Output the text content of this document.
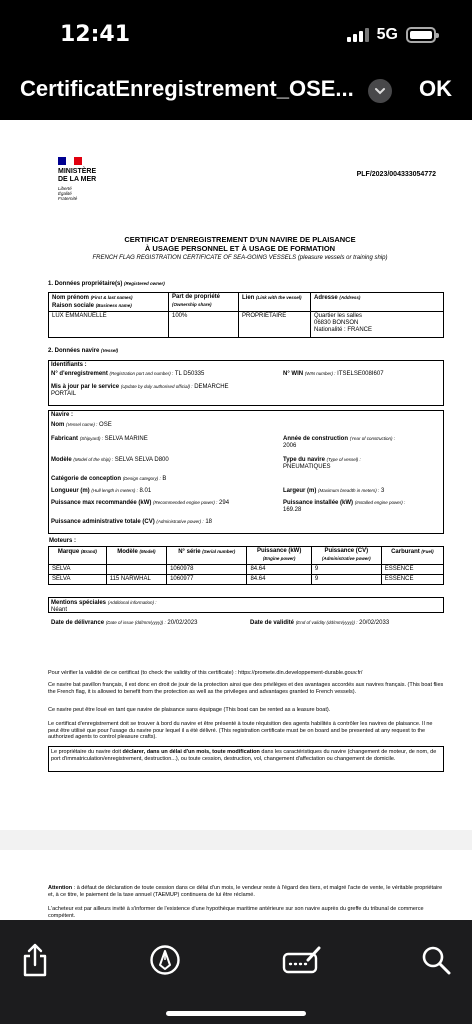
12:41	5G
CertificatEnregistrement_OSE...	OK
MINISTÈRE
DE LA MER
Liberté
Égalité
Fraternité
PLF/2023/004333054772
CERTIFICAT D'ENREGISTREMENT D'UN NAVIRE DE PLAISANCE
À USAGE PERSONNEL ET À USAGE DE FORMATION
FRENCH FLAG REGISTRATION CERTIFICATE OF SEA-GOING VESSELS (pleasure vessels or training ship)
1. Données propriétaire(s) (Registered owner)
Nom prénom (First & last names)
Raison sociale (Business name)	Part de propriété
(Ownership share)	Lien (Link with the vessel)	Adresse (Address)
LUX EMMANUELLE	100%	PROPRIÉTAIRE	Quartier les salles
06830 BONSON
Nationalité : FRANCE
2. Données navire (Vessel)
Identifiants :
N° d'enregistrement (Registration port and number) : TL D50335	N° WIN (WIN number) : ITSELSE008I607
Mis à jour par le service (Update by duly authorised official) : DEMARCHE
PORTAIL
Navire :
Nom (Vessel name) : OSE
Fabricant (Shipyard) : SELVA MARINE	Année de construction (Year of construction) :
2006
Modèle (Model of the ship) : SELVA SELVA D800	Type du navire (Type of vessel) :
PNEUMATIQUES
Catégorie de conception (Design category) : B
Longueur (m) (Hull length in meters) : 8.01	Largeur (m) (Maximum breadth in meters) : 3
Puissance max recommandée (kW) (Recommended engine power) : 294	Puissance installée (kW) (Installed engine power) :
169.28
Puissance administrative totale (CV) (Administrative power) : 18
Moteurs :
Marque (Brand)	Modèle (Model)	N° série (Serial number)	Puissance (kW)
(Engine power)	Puissance (CV)
(Administrative power)	Carburant (Fuel)
SELVA		1060978	84.64	9	ESSENCE
SELVA	115 NARWHAL	1060977	84.64	9	ESSENCE
Mentions spéciales (Additional information) :
Néant
Date de délivrance (Date of issue (dd/mm/yyyy)) : 20/02/2023	Date de validité (End of validity (dd/mm/yyyy)) : 20/02/2033
Pour vérifier la validité de ce certificat (to check the validity of this certificate) : https://promete.din.developpement-durable.gouv.fr/
Ce navire bat pavillon français, il est donc en droit de jouir de la protection ainsi que des privilèges et des avantages accordés aux navires français. (This boat flies the French flag, it is allowed to benefit from the protection as well as the privileges and advantages granted to French vessels).
Ce navire peut être loué en tant que navire de plaisance sans équipage (This boat can be rented as a leasure boat).
Le certificat d'enregistrement doit se trouver à bord du navire et être présenté à toute réquisition des agents habilités à contrôler les navires de plaisance. Il ne peut être utilisé que pour l'usage du navire pour lequel il a été délivré. (This registration certificate must be on board and be presented at any request to the authorized agents to control pleasure crafts).
Le propriétaire du navire doit déclarer, dans un délai d'un mois, toute modification dans les caractéristiques du navire (changement de moteur, de nom, de port d'immatriculation/enregistrement, destruction...), ou toute cession, destruction, vol, changement d'affectation ou changement de domicile.
Attention : à défaut de déclaration de toute cession dans ce délai d'un mois, le vendeur reste à l'égard des tiers, et malgré l'acte de vente, le véritable propriétaire et, à ce titre, le paiement de la taxe annuel (TAEMUP) continuera de lui être réclamé.
L'acheteur est par ailleurs invité à s'informer de l'existence d'une hypothèque maritime antérieure sur son navire auprès du greffe du tribunal de commerce compétent.
